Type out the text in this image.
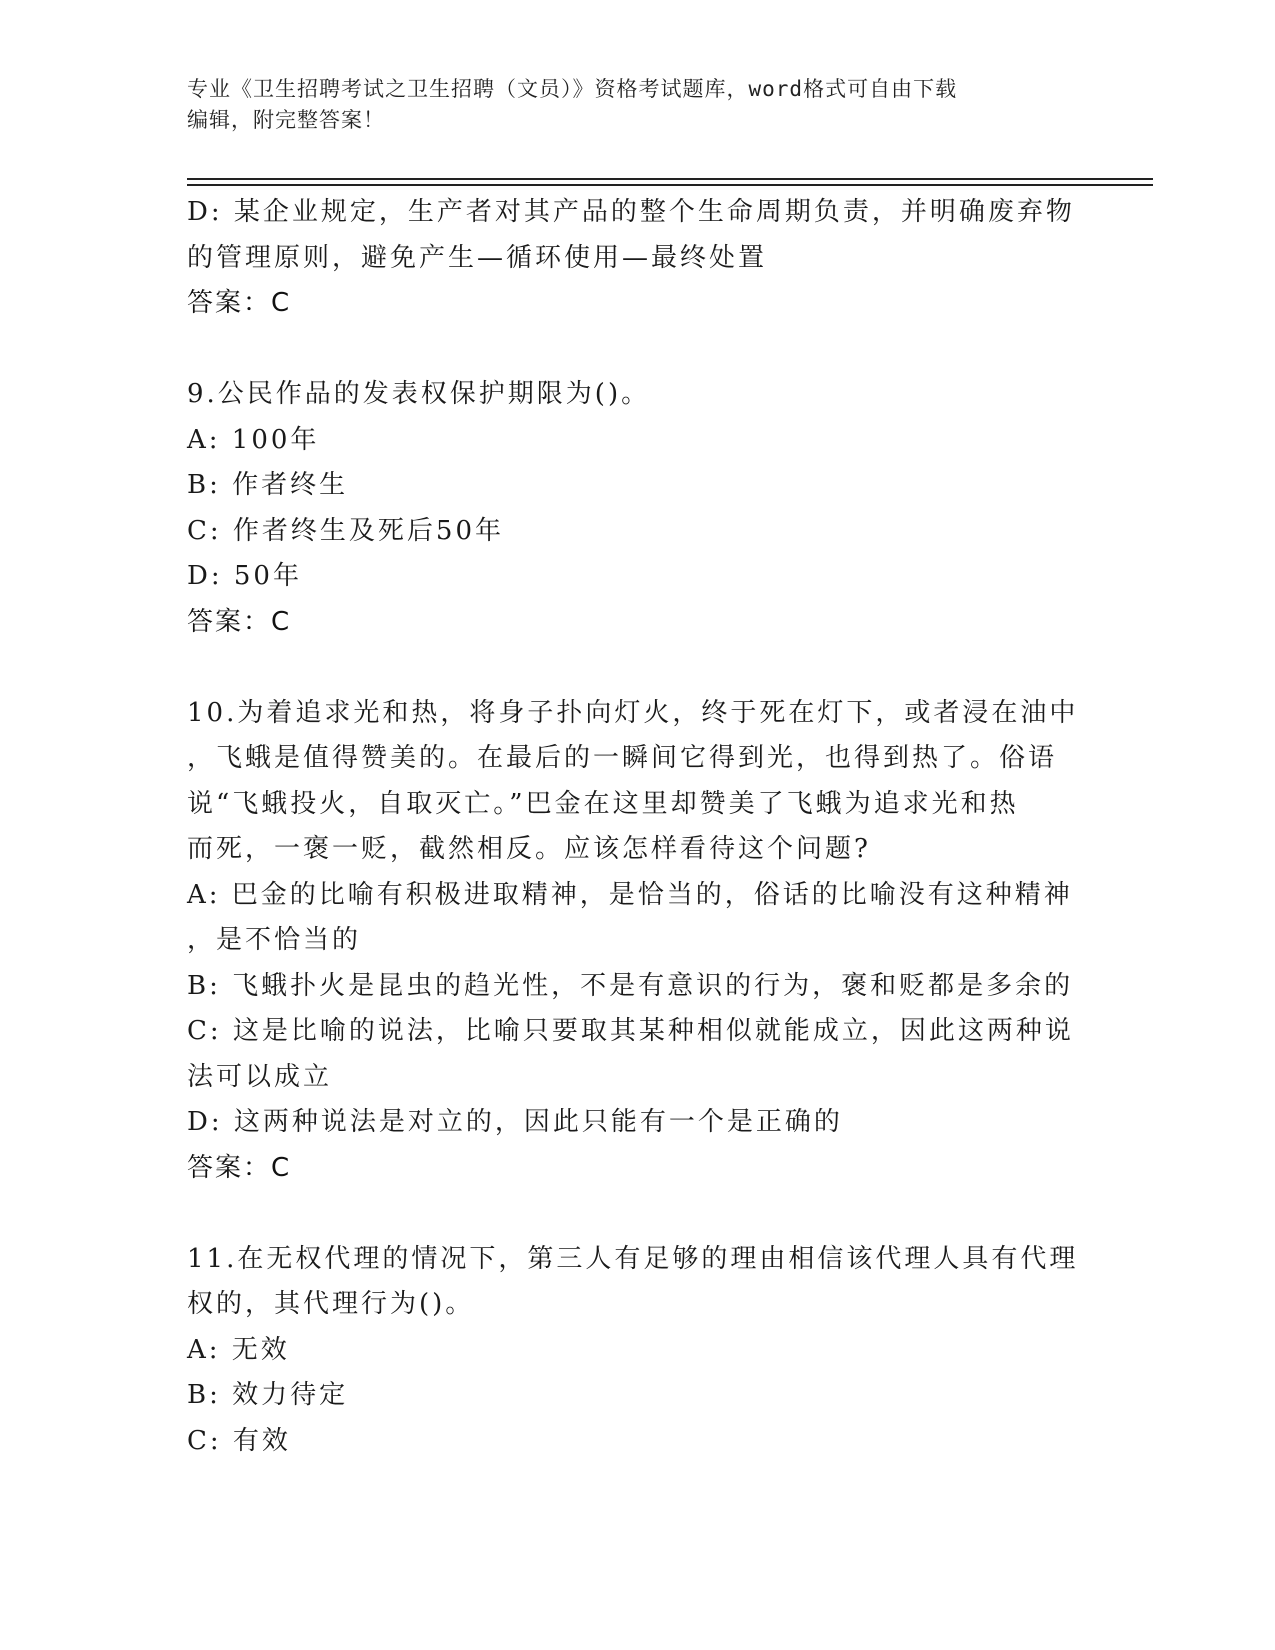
专业《卫生招聘考试之卫生招聘（文员）》资格考试题库，word格式可自由下载
编辑，附完整答案！
D: 某企业规定，生产者对其产品的整个生命周期负责，并明确废弃物
的管理原则，避免产生—循环使用—最终处置
答案：C
9.公民作品的发表权保护期限为()。
A: 100年
B: 作者终生
C: 作者终生及死后50年
D: 50年
答案：C
10.为着追求光和热，将身子扑向灯火，终于死在灯下，或者浸在油中
，飞蛾是值得赞美的。在最后的一瞬间它得到光，也得到热了。俗语
说“飞蛾投火，自取灭亡。”巴金在这里却赞美了飞蛾为追求光和热
而死，一褒一贬，截然相反。应该怎样看待这个问题?
A: 巴金的比喻有积极进取精神，是恰当的，俗话的比喻没有这种精神
，是不恰当的
B: 飞蛾扑火是昆虫的趋光性，不是有意识的行为，褒和贬都是多余的
C: 这是比喻的说法，比喻只要取其某种相似就能成立，因此这两种说
法可以成立
D: 这两种说法是对立的，因此只能有一个是正确的
答案：C
11.在无权代理的情况下，第三人有足够的理由相信该代理人具有代理
权的，其代理行为()。
A: 无效
B: 效力待定
C: 有效
